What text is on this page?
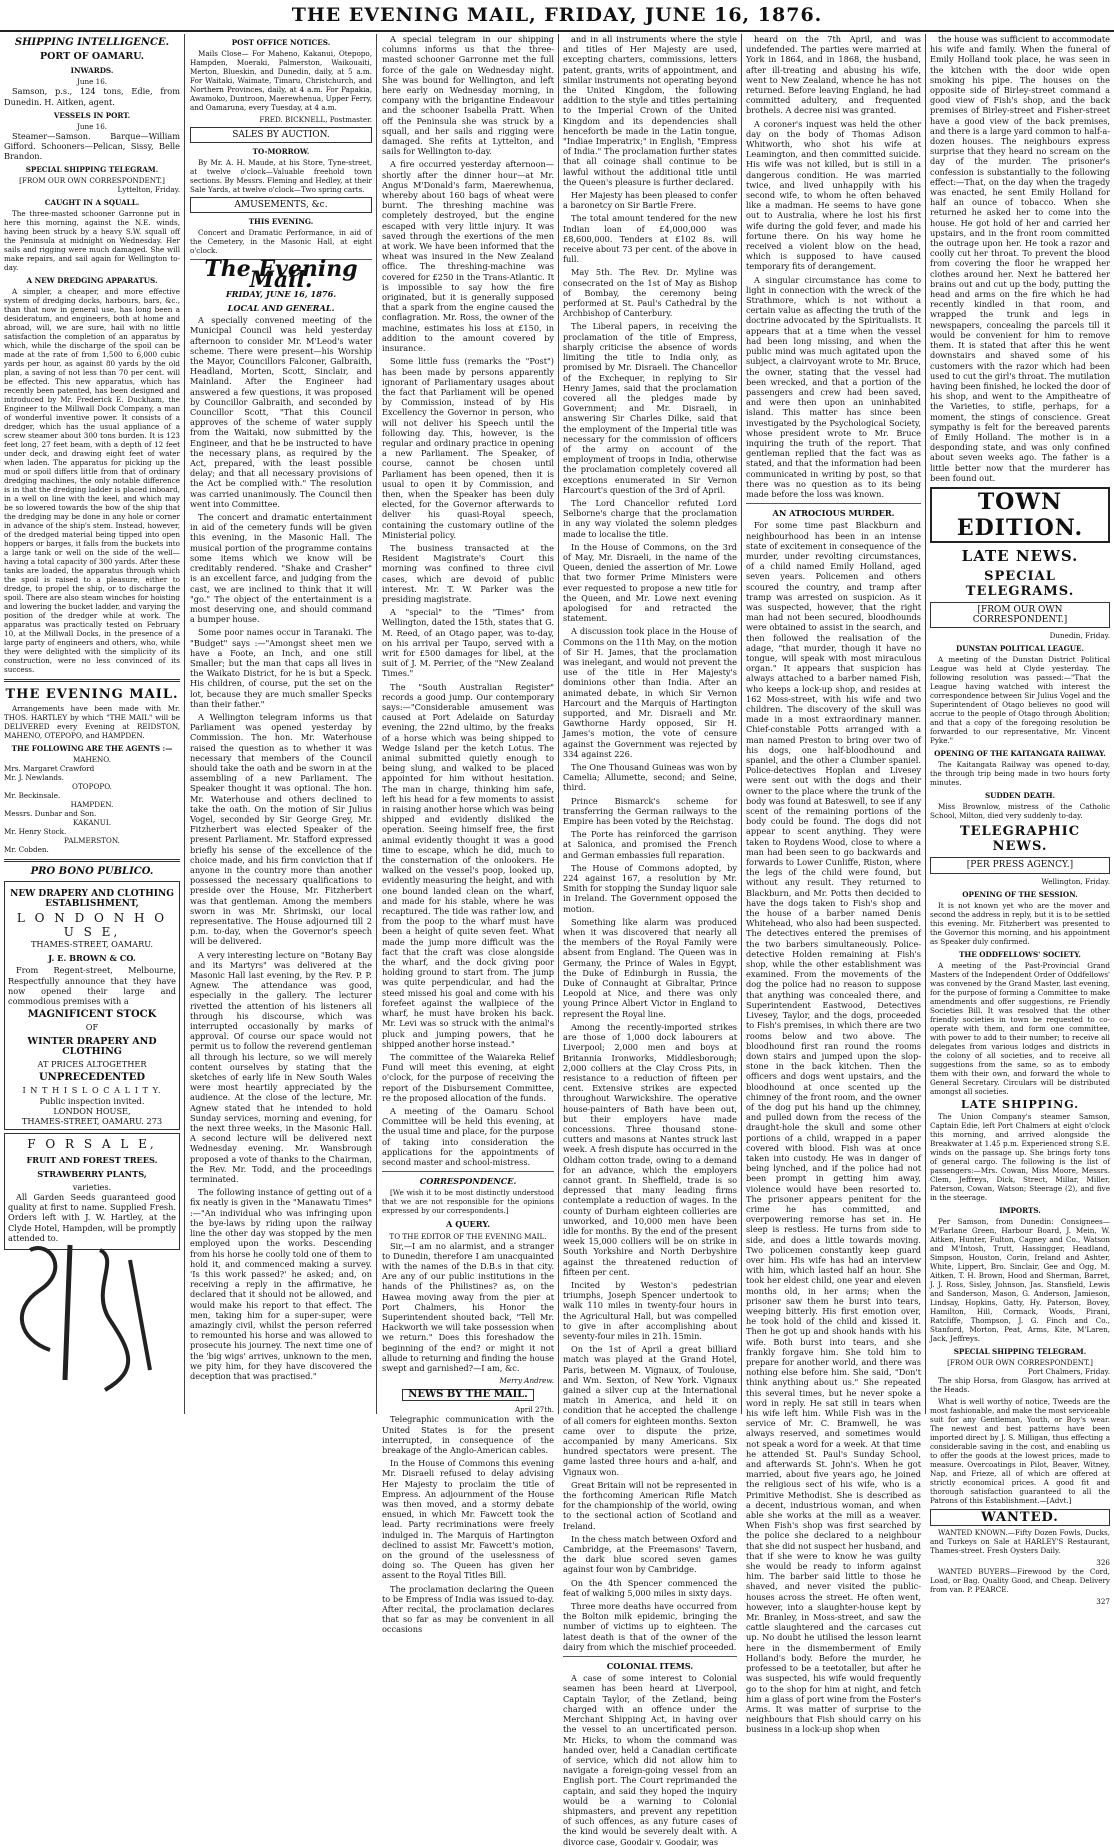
THE EVENING MAIL, FRIDAY, JUNE 16, 1876.
SHIPPING INTELLIGENCE.
PORT OF OAMARU.
INWARDS.
June 16.

Samson, p.s., 124 tons, Edie, from Dunedin. H. Aitken, agent.

VESSELS IN PORT.
June 16.

Steamer—Samson. Barque—William Gifford. Schooners—Pelican, Sissy, Belle Brandon.

SPECIAL SHIPPING TELEGRAM.
[FROM OUR OWN CORRESPONDENT.]
Lyttelton, Friday.
CAUGHT IN A SQUALL.

The three-masted schooner Garronne put in here this morning, against the N.E. winds, having been struck by a heavy S.W. squall off the Peninsula at midnight on Wednesday. Her sails and rigging were much damaged. She will make repairs, and sail again for Wellington to-day.

A NEW DREDGING APPARATUS.

A simpler, a cheaper, and more effective system of dredging docks, harbours, bars, &c., than that now in general use, has long been a desideratum, and engineers, both at home and abroad, will, we are sure, hail with no little satisfaction the completion of an apparatus by which, while the discharge of the spoil can be made at the rate of from 1,500 to 6,000 cubic yards per hour, as against 80 yards by the old plan, a saving of not less than 70 per cent. will be effected. This new apparatus, which has recently been patented, has been designed and introduced by Mr. Frederick E. Duckham, the Engineer to the Millwall Dock Company, a man of wonderful inventive power. It consists of a dredger, which has the usual appliance of a screw steamer about 300 tons burden. It is 123 feet long, 27 feet beam, with a depth of 12 feet under deck, and drawing eight feet of water when laden. The apparatus for picking up the mud or spoil differs little from that of ordinary dredging machines, the only notable difference is in that the dredging ladder is placed inboard, in a well on line with the keel, and which may be so lowered towards the bow of the ship that the dredging may be done in any hole or corner in advance of the ship's stem. Instead, however, of the dredged material being tipped into open hoppers or barges, it falls from the buckets into a large tank or well on the side of the well—having a total capacity of 300 yards. After these tanks are loaded, the apparatus through which the spoil is raised to a pleasure, either to dredge, to propel the ship, or to discharge the spoil. There are also steam winches for hoisting and lowering the bucket ladder, and varying the position of the dredger while at work. The apparatus was practically tested on February 10, at the Millwall Docks, in the presence of a large party of engineers and others, who, while they were delighted with the simplicity of its construction, were no less convinced of its success.

THE EVENING MAIL.

Arrangements have been made with Mr. THOS. HARTLEY by which "THE MAIL" will be DELIVERED every Evening at REIDSTON, MAHENO, OTEPOPO, and HAMPDEN.

THE FOLLOWING ARE THE AGENTS :—
MAHENO.
Mrs. Margaret Crawford
Mr. J. Newlands.
OTOPOPO.
Mr. Beckinsale.
HAMPDEN.
Messrs. Dunbar and Son.
KAKANUI.
Mr. Henry Stock.
PALMERSTON.
Mr. Cobden.
PRO BONO PUBLICO.
NEW DRAPERY AND CLOTHING ESTABLISHMENT,
L O N D O N H O U S E,
THAMES-STREET, OAMARU.
J. E. BROWN & CO.

From Regent-street, Melbourne, Respectfully announce that they have now opened their large and commodious premises with a

MAGNIFICENT STOCK
OF
WINTER DRAPERY AND CLOTHING
AT PRICES ALTOGETHER
UNPRECEDENTED
I N T H I S L O C A L I T Y.
Public inspection invited.
LONDON HOUSE,
THAMES-STREET, OAMARU. 273
F O R S A L E,
FRUIT AND FOREST TREES.
STRAWBERRY PLANTS,
varieties.

All Garden Seeds guaranteed good quality at first to name. Supplied Fresh. Orders left with J. W. Hartley, at the Clyde Hotel, Hampden, will be promptly attended to.

POST OFFICE NOTICES.

Mails Close— For Maheno, Kakanui, Otepopo, Hampden, Moeraki, Palmerston, Waikouaiti, Merton, Blueskin, and Dunedin, daily, at 5 a.m. For Waitaki, Waimate, Timaru, Christchurch, and Northern Provinces, daily, at 4 a.m. For Papakia, Awamoko, Duntroon, Maerewhenua, Upper Ferry, and Oamaruna, every Tuesday, at 4 a.m.

FRED. BICKNELL, Postmaster.
SALES BY AUCTION.
TO-MORROW.

By Mr. A. H. Maude, at his Store, Tyne-street, at twelve o'clock—Valuable freehold town sections. By Messrs. Fleming and Hedley, at their Sale Yards, at twelve o'clock—Two spring carts.

AMUSEMENTS, &c.
THIS EVENING.

Concert and Dramatic Performance, in aid of the Cemetery, in the Masonic Hall, at eight o'clock.

The Evening Mail.
FRIDAY, JUNE 16, 1876.
LOCAL AND GENERAL.

A specially convened meeting of the Municipal Council was held yesterday afternoon to consider Mr. M'Leod's water scheme. There were present—his Worship the Mayor, Councillors Falconer, Galbraith, Headland, Morten, Scott, Sinclair, and Mainland. After the Engineer had answered a few questions, it was proposed by Councillor Galbraith, and seconded by Councillor Scott, "That this Council approves of the scheme of water supply from the Waitaki, now submitted by the Engineer, and that he be instructed to have the necessary plans, as required by the Act, prepared, with the least possible delay; and that all necessary provisions of the Act be complied with." The resolution was carried unanimously. The Council then went into Committee.

The concert and dramatic entertainment in aid of the cemetery funds will be given this evening, in the Masonic Hall. The musical portion of the programme contains some items which we know will be creditably rendered. "Shake and Crasher" is an excellent farce, and judging from the cast, we are inclined to think that it will "go." The object of the entertainment is a most deserving one, and should command a bumper house.

Some poor names occur in Taranaki. The "Budget" says :—"Amongst sheet men we have a Foote, an Inch, and one still Smaller; but the man that caps all lives in the Waikato District, for he is but a Speck. His children, of course, put the set on the lot, because they are much smaller Specks than their father."

A Wellington telegram informs us that Parliament was opened yesterday by Commission. The hon. Mr. Waterhouse raised the question as to whether it was necessary that members of the Council should take the oath and be sworn in at the assembling of a new Parliament. The Speaker thought it was optional. The hon. Mr. Waterhouse and others declined to take the oath. On the motion of Sir Julius Vogel, seconded by Sir George Grey, Mr. Fitzherbert was elected Speaker of the present Parliament. Mr. Stafford expressed briefly his sense of the excellence of the choice made, and his firm conviction that if anyone in the country more than another possessed the necessary qualifications to preside over the House, Mr. Fitzherbert was that gentleman. Among the members sworn in was Mr. Shrimski, our local representative. The House adjourned till 2 p.m. to-day, when the Governor's speech will be delivered.

A very interesting lecture on "Botany Bay and its Martyrs" was delivered at the Masonic Hall last evening, by the Rev. P. P. Agnew. The attendance was good, especially in the gallery. The lecturer rivetted the attention of his listeners all through his discourse, which was interrupted occasionally by marks of approval. Of course our space would not permit us to follow the reverend gentleman all through his lecture, so we will merely content ourselves by stating that the sketches of early life in New South Wales were most heartily appreciated by the audience. At the close of the lecture, Mr. Agnew stated that he intended to hold Sunday services, morning and evening, for the next three weeks, in the Masonic Hall. A second lecture will be delivered next Wednesday evening. Mr. Wansbrough proposed a vote of thanks to the Chairman, the Rev. Mr. Todd, and the proceedings terminated.

The following instance of getting out of a fix neatly is given in the "Manawatu Times" :—"An individual who was infringing upon the bye-laws by riding upon the railway line the other day was stopped by the men employed upon the works. Descending from his horse he coolly told one of them to hold it, and commenced making a survey. 'Is this work passed?' he asked; and, on receiving a reply in the affirmative, he declared that it should not be allowed, and would make his report to that effect. The men, taking him for a super-super, were amazingly civil, whilst the person referred to remounted his horse and was allowed to prosecute his journey. The next time one of the 'big wigs' arrives, unknown to the men, we pity him, for they have discovered the deception that was practised."

A special telegram in our shipping columns informs us that the three-masted schooner Garronne met the full force of the gale on Wednesday night. She was bound for Wellington, and left here early on Wednesday morning, in company with the brigantine Endeavour and the schooner Isabella Pratt. When off the Peninsula she was struck by a squall, and her sails and rigging were damaged. She refits at Lyttelton, and sails for Wellington to-day.

A fire occurred yesterday afternoon—shortly after the dinner hour—at Mr. Angus M'Donald's farm, Maerewhenua, whereby about 160 bags of wheat were burnt. The threshing machine was completely destroyed, but the engine escaped with very little injury. It was saved through the exertions of the men at work. We have been informed that the wheat was insured in the New Zealand office. The threshing-machine was covered for £250 in the Trans-Atlantic. It is impossible to say how the fire originated, but it is generally supposed that a spark from the engine caused the conflagration. Mr. Ross, the owner of the machine, estimates his loss at £150, in addition to the amount covered by insurance.

Some little fuss (remarks the "Post") has been made by persons apparently ignorant of Parliamentary usages about the fact that Parliament will be opened by Commission, instead of by His Excellency the Governor in person, who will not deliver his Speech until the following day. This, however, is the regular and ordinary practice in opening a new Parliament. The Speaker, of course, cannot be chosen until Parliament has been opened, then it is usual to open it by Commission, and then, when the Speaker has been duly elected, for the Governor afterwards to deliver his quasi-Royal speech, containing the customary outline of the Ministerial policy.

The business transacted at the Resident Magistrate's Court this morning was confined to three civil cases, which are devoid of public interest. Mr. T. W. Parker was the presiding magistrate.

A "special" to the "Times" from Wellington, dated the 15th, states that G. M. Reed, of an Otago paper, was to-day, on his arrival per Taupo, served with a writ for £500 damages for libel, at the suit of J. M. Perrier, of the "New Zealand Times."

The "South Australian Register" records a good jump. Our contemporary says:—"Considerable amusement was caused at Port Adelaide on Saturday evening, the 22nd ultimo, by the freaks of a horse which was being shipped to Wedge Island per the ketch Lotus. The animal submitted quietly enough to being slung, and walked to be placed appointed for him without hesitation. The man in charge, thinking him safe, left his head for a few moments to assist in raising another horse which was being shipped and evidently disliked the operation. Seeing himself free, the first animal evidently thought it was a good time to escape, which he did, much to the consternation of the onlookers. He walked on the vessel's poop, looked up, evidently measuring the height, and with one bound landed clean on the wharf, and made for his stable, where he was recaptured. The tide was rather low, and from the poop to the wharf must have been a height of quite seven feet. What made the jump more difficult was the fact that the craft was close alongside the wharf, and the dock giving poor holding ground to start from. The jump was quite perpendicular, and had the steed missed his goal and come with his forefeet against the wallpiece of the wharf, he must have broken his back. Mr. Levi was so struck with the animal's pluck and jumping powers, that he shipped another horse instead."

The committee of the Waiareka Relief Fund will meet this evening, at eight o'clock, for the purpose of receiving the report of the Disbursement Committee, re the proposed allocation of the funds.

A meeting of the Oamaru School Committee will be held this evening, at the usual time and place, for the purpose of taking into consideration the applications for the appointments of second master and school-mistress.

CORRESPONDENCE.

[We wish it to be most distinctly understood that we are not responsible for the opinions expressed by our correspondents.]

A QUERY.
TO THE EDITOR OF THE EVENING MAIL.

Sir,—I am no alarmist, and a stranger to Dunedin, therefore I am unacquainted with the names of the D.B.s in that city. Are any of our public institutions in the hands of the Philistines? as, on the Hawea moving away from the pier at Port Chalmers, his Honor the Superintendent shouted back, "Tell Mr. Hackworth we will take possession when we return." Does this foreshadow the beginning of the end? or might it not allude to returning and finding the house swept and garnished?—I am, &c.

Merry Andrew.
NEWS BY THE MAIL.
April 27th.

Telegraphic communication with the United States is for the present interrupted, in consequence of the breakage of the Anglo-American cables.

In the House of Commons this evening Mr. Disraeli refused to delay advising Her Majesty to proclaim the title of Empress. An adjournment of the House was then moved, and a stormy debate ensued, in which Mr. Fawcett took the lead. Party recriminations were freely indulged in. The Marquis of Hartington declined to assist Mr. Fawcett's motion, on the ground of the uselessness of doing so. The Queen has given her assent to the Royal Titles Bill.

The proclamation declaring the Queen to be Empress of India was issued to-day. After recital, the proclamation declares that so far as may be convenient in all occasions

and in all instruments where the style and titles of Her Majesty are used, excepting charters, commissions, letters patent, grants, writs of appointment, and similar instruments not operating beyond the United Kingdom, the following addition to the style and titles pertaining to the Imperial Crown of the United Kingdom and its dependencies shall henceforth be made in the Latin tongue, "Indiae Imperatrix;" in English, "Empress of India." The proclamation further states that all coinage shall continue to be lawful without the additional title until the Queen's pleasure is further declared.

Her Majesty has been pleased to confer a baronetcy on Sir Bartle Frere.

The total amount tendered for the new Indian loan of £4,000,000 was £8,600,000. Tenders at £102 8s. will receive about 73 per cent. of the above in full.

May 5th. The Rev. Dr. Myline was consecrated on the 1st of May as Bishop of Bombay, the ceremony being performed at St. Paul's Cathedral by the Archbishop of Canterbury.

The Liberal papers, in receiving the proclamation of the title of Empress, sharply criticise the absence of words limiting the title to India only, as promised by Mr. Disraeli. The Chancellor of the Exchequer, in replying to Sir Henry James, said that the proclamation covered all the pledges made by Government; and Mr. Disraeli, in answering Sir Charles Dilke, said that the employment of the Imperial title was necessary for the commission of officers of the army on account of the employment of troops in India, otherwise the proclamation completely covered all exceptions enumerated in Sir Vernon Harcourt's question of the 3rd of April.

The Lord Chancellor refuted Lord Selborne's charge that the proclamation in any way violated the solemn pledges made to localise the title.

In the House of Commons, on the 3rd of May, Mr. Disraeli, in the name of the Queen, denied the assertion of Mr. Lowe that two former Prime Ministers were ever requested to propose a new title for the Queen, and Mr. Lowe next evening apologised for and retracted the statement.

A discussion took place in the House of Commons on the 11th May, on the motion of Sir H. James, that the proclamation was inelegant, and would not prevent the use of the title in Her Majesty's dominions other than India. After an animated debate, in which Sir Vernon Harcourt and the Marquis of Hartington supported, and Mr. Disraeli and Mr. Gawthorne Hardy opposed, Sir H. James's motion, the vote of censure against the Government was rejected by 334 against 226.

The One Thousand Guineas was won by Camelia; Allumette, second; and Seine, third.

Prince Bismarck's scheme for transferring the German railways to the Empire has been voted by the Reichstag.

The Porte has reinforced the garrison at Salonica, and promised the French and German embassies full reparation.

The House of Commons adopted, by 224 against 167, a resolution by Mr. Smith for stopping the Sunday liquor sale in Ireland. The Government opposed the motion.

Something like alarm was produced when it was discovered that nearly all the members of the Royal Family were absent from England. The Queen was in Germany, the Prince of Wales in Egypt, the Duke of Edinburgh in Russia, the Duke of Connaught at Gibraltar, Prince Leopold at Nice, and there was only young Prince Albert Victor in England to represent the Royal line.

Among the recently-imported strikes are those of 1,000 dock labourers at Liverpool; 2,000 men and boys at Britannia Ironworks, Middlesborough; 2,000 colliers at the Clay Cross Pits, in resistance to a reduction of fifteen per cent. Extensive strikes are expected throughout Warwickshire. The operative house-painters of Bath have been out, but their employers have made concessions. Three thousand stone-cutters and masons at Nantes struck last week. A fresh dispute has occurred in the Oldham cotton trade, owing to a demand for an advance, which the employers cannot grant. In Sheffield, trade is so depressed that many leading firms contemplate a reduction of wages. In the county of Durham eighteen collieries are unworked, and 10,000 men have been idle for months. By the end of the present week 15,000 colliers will be on strike in South Yorkshire and North Derbyshire against the threatened reduction of fifteen per cent.

Incited by Weston's pedestrian triumphs, Joseph Spencer undertook to walk 110 miles in twenty-four hours in the Agricultural Hall, but was compelled to give in after accomplishing about seventy-four miles in 21h. 15min.

On the 1st of April a great billiard match was played at the Grand Hotel, Paris, between M. Vignaux, of Toulouse, and Wm. Sexton, of New York. Vignaux gained a silver cup at the International match in America, and held it on condition that he accepted the challenge of all comers for eighteen months. Sexton came over to dispute the prize, accompanied by many Americans. Six hundred spectators were present. The game lasted three hours and a-half, and Vignaux won.

Great Britain will not be represented in the forthcoming American Rifle Match for the championship of the world, owing to the sectional action of Scotland and Ireland.

In the chess match between Oxford and Cambridge, at the Freemasons' Tavern, the dark blue scored seven games against four won by Cambridge.

On the 4th Spencer commenced the feat of walking 5,000 miles in sixty days.

Three more deaths have occurred from the Bolton milk epidemic, bringing the number of victims up to eighteen. The latest death is that of the owner of the dairy from which the mischief proceeded.

COLONIAL ITEMS.

A case of some interest to Colonial seamen has been heard at Liverpool, Captain Taylor, of the Zetland, being charged with an offence under the Merchant Shipping Act, in having over the vessel to an uncertificated person. Mr. Hicks, to whom the command was handed over, held a Canadian certificate of service, which did not allow him to navigate a foreign-going vessel from an English port. The Court reprimanded the captain, and said they hoped the inquiry would be a warning to Colonial shipmasters, and prevent any repetition of such offences, as any future cases of the kind would be severely dealt with. A divorce case, Goodair v. Goodair, was

heard on the 7th April, and was undefended. The parties were married at York in 1864, and in 1868, the husband, after ill-treating and abusing his wife, went to New Zealand, whence he has not returned. Before leaving England, he had committed adultery, and frequented brothels. A decree nisi was granted.

A coroner's inquest was held the other day on the body of Thomas Adison Whitworth, who shot his wife at Leamington, and then committed suicide. His wife was not killed, but is still in a dangerous condition. He was married twice, and lived unhappily with his second wife, to whom he often behaved like a madman. He seems to have gone out to Australia, where he lost his first wife during the gold fever, and made his fortune there. On his way home he received a violent blow on the head, which is supposed to have caused temporary fits of derangement.

A singular circumstance has come to light in connection with the wreck of the Strathmore, which is not without a certain value as affecting the truth of the doctrine advocated by the Spiritualists. It appears that at a time when the vessel had been long missing, and when the public mind was much agitated upon the subject, a clairvoyant wrote to Mr. Bruce, the owner, stating that the vessel had been wrecked, and that a portion of the passengers and crew had been saved, and were then upon an uninhabited island. This matter has since been investigated by the Psychological Society, whose president wrote to Mr. Bruce inquiring the truth of the report. That gentleman replied that the fact was as stated, and that the information had been communicated in writing by post, so that there was no question as to its being made before the loss was known.

AN ATROCIOUS MURDER.

For some time past Blackburn and neighbourhood has been in an intense state of excitement in consequence of the murder, under revolting circumstances, of a child named Emily Holland, aged seven years. Policemen and others scoured the country, and tramp after tramp was arrested on suspicion. As it was suspected, however, that the right man had not been secured, bloodhounds were obtained to assist in the search, and then followed the realisation of the adage, "that murder, though it have no tongue, will speak with most miraculous organ." It appears that suspicion has always attached to a barber named Fish, who keeps a lock-up shop, and resides at 162 Moss-street, with his wife and two children. The discovery of the skull was made in a most extraordinary manner. Chief-constable Potts arranged with a man named Preston to bring over two of his dogs, one half-bloodhound and spaniel, and the other a Clumber spaniel. Police-detectives Hoplan and Livesey were sent out with the dogs and their owner to the place where the trunk of the body was found at Bateswell, to see if any scent of the remaining portions of the body could be found. The dogs did not appear to scent anything. They were taken to Roydens Wood, close to where a man had been seen to go backwards and forwards to Lower Cunliffe, Riston, where the legs of the child were found, but without any result. They returned to Blackburn, and Mr. Potts then decided to have the dogs taken to Fish's shop and the house of a barber named Denis Whitehead, who also had been suspected. The detectives entered the premises of the two barbers simultaneously. Police-detective Holden remaining at Fish's shop, while the other establishment was examined. From the movements of the dog the police had no reason to suppose that anything was concealed there, and Superintendent Eastwood, Detectives Livesey, Taylor, and the dogs, proceeded to Fish's premises, in which there are two rooms below and two above. The bloodhound first ran round the rooms down stairs and jumped upon the slop-stone in the back kitchen. Then the officers and dogs went upstairs, and the bloodhound at once scented up the chimney of the front room, and the owner of the dog put his hand up the chimney, and pulled down from the recess of the draught-hole the skull and some other portions of a child, wrapped in a paper covered with blood. Fish was at once taken into custody. He was in danger of being lynched, and if the police had not been prompt in getting him away, violence would have been resorted to. The prisoner appears penitent for the crime he has committed, and overpowering remorse has set in. He sleep is restless. He turns from side to side, and does a little towards moving. Two policemen constantly keep guard over him. His wife has had an interview with him, which lasted half an hour. She took her eldest child, one year and eleven months old, in her arms; when the prisoner saw them he burst into tears, weeping bitterly. His first emotion over, he took hold of the child and kissed it. Then he got up and shook hands with his wife. Both burst into tears, and she frankly forgave him. She told him to prepare for another world, and there was nothing else before him. She said, "Don't think anything about us." She repeated this several times, but he never spoke a word in reply. He sat still in tears when his wife left him. While Fish was in the service of Mr. C. Bramwell, he was always reserved, and sometimes would not speak a word for a week. At that time he attended St. Paul's Sunday School, and afterwards St. John's. When he got married, about five years ago, he joined the religious sect of his wife, who is a Primitive Methodist. She is described as a decent, industrious woman, and when able she works at the mill as a weaver. When Fish's shop was first searched by the police she declared to a neighbour that she did not suspect her husband, and that if she were to know he was guilty she would be ready to inform against him. The barber said little to those he shaved, and never visited the public-houses across the street. He often went, however, into a slaughter-house kept by Mr. Branley, in Moss-street, and saw the cattle slaughtered and the carcases cut up. No doubt he utilised the lesson learnt here in the dismemberment of Emily Holland's body. Before the murder, he professed to be a teetotaller, but after he was suspected, his wife would frequently go to the shop for him at night, and fetch him a glass of port wine from the Foster's Arms. It was matter of surprise to the neighbours that Fish should carry on his business in a lock-up shop when

the house was sufficient to accommodate his wife and family. When the funeral of Emily Holland took place, he was seen in the kitchen with the door wide open smoking his pipe. The houses on the opposite side of Birley-street command a good view of Fish's shop, and the back premises of Birley-street and Fisher-street have a good view of the back premises, and there is a large yard common to half-a-dozen houses. The neighbours express surprise that they heard no scream on the day of the murder. The prisoner's confession is substantially to the following effect:—That, on the day when the tragedy was enacted, he sent Emily Holland for half an ounce of tobacco. When she returned he asked her to come into the house. He got hold of her and carried her upstairs, and in the front room committed the outrage upon her. He took a razor and coolly cut her throat. To prevent the blood from covering the floor he wrapped her clothes around her. Next he battered her brains out and cut up the body, putting the head and arms on the fire which he had recently kindled in that room, and wrapped the trunk and legs in newspapers, concealing the parcels till it would be convenient for him to remove them. It is stated that after this he went downstairs and shaved some of his customers with the razor which had been used to cut the girl's throat. The mutilation having been finished, he locked the door of his shop, and went to the Ampitheatre of the Varieties, to stifle, perhaps, for a moment, the stings of conscience. Great sympathy is felt for the bereaved parents of Emily Holland. The mother is in a desponding state, and was only confined about seven weeks ago. The father is a little better now that the murderer has been found out.

TOWN EDITION.
LATE NEWS.
SPECIAL TELEGRAMS.
[FROM OUR OWN CORRESPONDENT.]
Dunedin, Friday.
DUNSTAN POLITICAL LEAGUE.

A meeting of the Dunstan District Political League was held at Clyde yesterday. The following resolution was passed:—"That the League having watched with interest the correspondence between Sir Julius Vogel and the Superintendent of Otago believes no good will accrue to the people of Otago through Abolition; and that a copy of the foregoing resolution be forwarded to our representative, Mr. Vincent Pyke."

OPENING OF THE KAITANGATA RAILWAY.

The Kaitangata Railway was opened to-day, the through trip being made in two hours forty minutes.

SUDDEN DEATH.

Miss Brownlow, mistress of the Catholic School, Milton, died very suddenly to-day.

TELEGRAPHIC NEWS.
[PER PRESS AGENCY.]
Wellington, Friday.
OPENING OF THE SESSION.

It is not known yet who are the mover and second the address in reply, but it is to be settled this evening. Mr. Fitzherbert was presented to the Governor this morning, and his appointment as Speaker duly confirmed.

THE ODDFELLOWS' SOCIETY.

A meeting of the Past-Provincial Grand Masters of the Independent Order of Oddfellows' was convened by the Grand Master, last evening, for the purpose of forming a Committee to make amendments and offer suggestions, re Friendly Societies Bill. It was resolved that the other friendly societies in town be requested to co-operate with them, and form one committee, with power to add to their number; to receive all delegates from various lodges and districts in the colony of all societies, and to receive all suggestions from the same, so as to embody them with their own, and forward the whole to General Secretary. Circulars will be distributed amongst all societies.

LATE SHIPPING.

The Union Company's steamer Samson, Captain Edie, left Port Chalmers at eight o'clock this morning, and arrived alongside the Breakwater at 1.45 p.m. Experienced strong S.E. winds on the passage up. She brings forty tons of general cargo. The following is the list of passengers:—Mrs. Cowan, Miss Moore, Messrs. Clem, Jeffreys, Dick, Strect, Millar, Miller, Paterson, Cowan, Watson; Steerage (2), and five in the steerage.

IMPORTS.

Per Samson, from Dunedin: Consignees—M'Farlane Green, Harbour Board, J. Mein, W. Aitken, Hunter, Fulton, Cagney and Co., Watson and M'Intosh, Trutt, Hassingger, Headland, Simpson, Houston, Corin, Ireland and Ashter, White, Lippert, Bro. Sinclair, Gee and Ogg, M. Aitken, T. H. Brown, Hood and Sherman, Barret, J. J. Ross, Sisley, Johnson, Jas. Stansfield, Lewis and Sanderson, Mason, G. Anderson, Jamieson, Lindsay, Hopkins, Gatty, Hy. Paterson, Bovey, Hamilton, Hill, Cormack, Woods, Pirani, Ratcliffe, Thompson, J. G. Finch and Co., Stanford, Morton, Peat, Arms, Kite, M'Laren, Jack, Jeffreys.

SPECIAL SHIPPING TELEGRAM.
[FROM OUR OWN CORRESPONDENT.]
Port Chalmers, Friday.

The ship Horsa, from Glasgow, has arrived at the Heads.

What is well worthy of notice, Tweeds are the most fashionable, and make the most serviceable suit for any Gentleman, Youth, or Boy's wear. The newest and best patterns have been imported direct by J. S. Milligan, thus effecting a considerable saving in the cost, and enabling us to offer the goods at the lowest prices, made to measure. Overcoatings in Pilot, Beaver, Witney, Nap, and Frieze, all of which are offered at strictly economical prices. A good fit and thorough satisfaction guaranteed to all the Patrons of this Establishment.—[Advt.]

WANTED.

WANTED KNOWN.—Fifty Dozen Fowls, Ducks, and Turkeys on Sale at HARLEY'S Restaurant, Thames-street. Fresh Oysters Daily.

326

WANTED BUYERS—Firewood by the Cord, Load, or Bag. Quality Good, and Cheap. Delivery from van. P. PEARCE.

327
